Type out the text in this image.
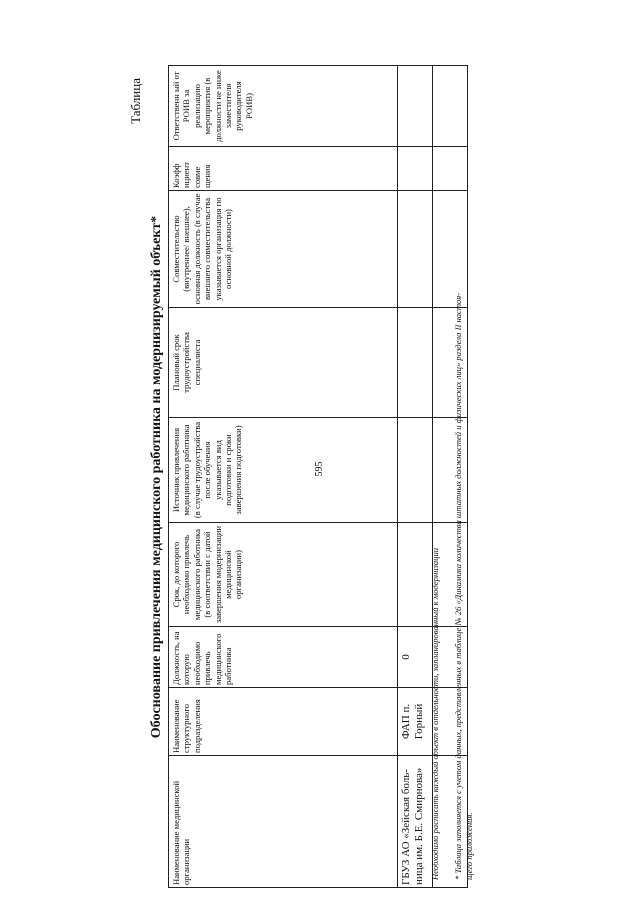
595
Таблица
Обоснование привлечения медицинского работника на модернизируемый объект*
Наименование медицинской организации	Наименование структурного подразделения	Должность, на которую необходимо привлечь медицинского работника	Срок, до которого необходимо привлечь медицинского работника (в соответствии с датой завершения модернизации медицинской организации)	Источник привлечения медицинского работника (в случае трудоустройства после обучения указывается вид подготовки и сроки завершения подготовки)	Плановый срок трудоустройства специалиста	Совместительство (внутреннее/ внешнее), основная должность (в случае внешнего совместительства указывается организация по основной должности)	Коэфф ициент совме щения	Ответственн ый от РОИВ за реализацию мероприятия (в должности не ниже заместителя руководителя РОИВ)
ГБУЗ АО «Зейская боль-ница им. Б.Е. Смирнова»	ФАП п. Горный	0						
								Необходимо расписать каждый объект в отдельности, запланированный к модернизации * Таблица заполняется с учетом данных, представленных в таблице № 26 «Динамика количества штатных должностей и физических лиц» раздела II настоя- щего приложения.
